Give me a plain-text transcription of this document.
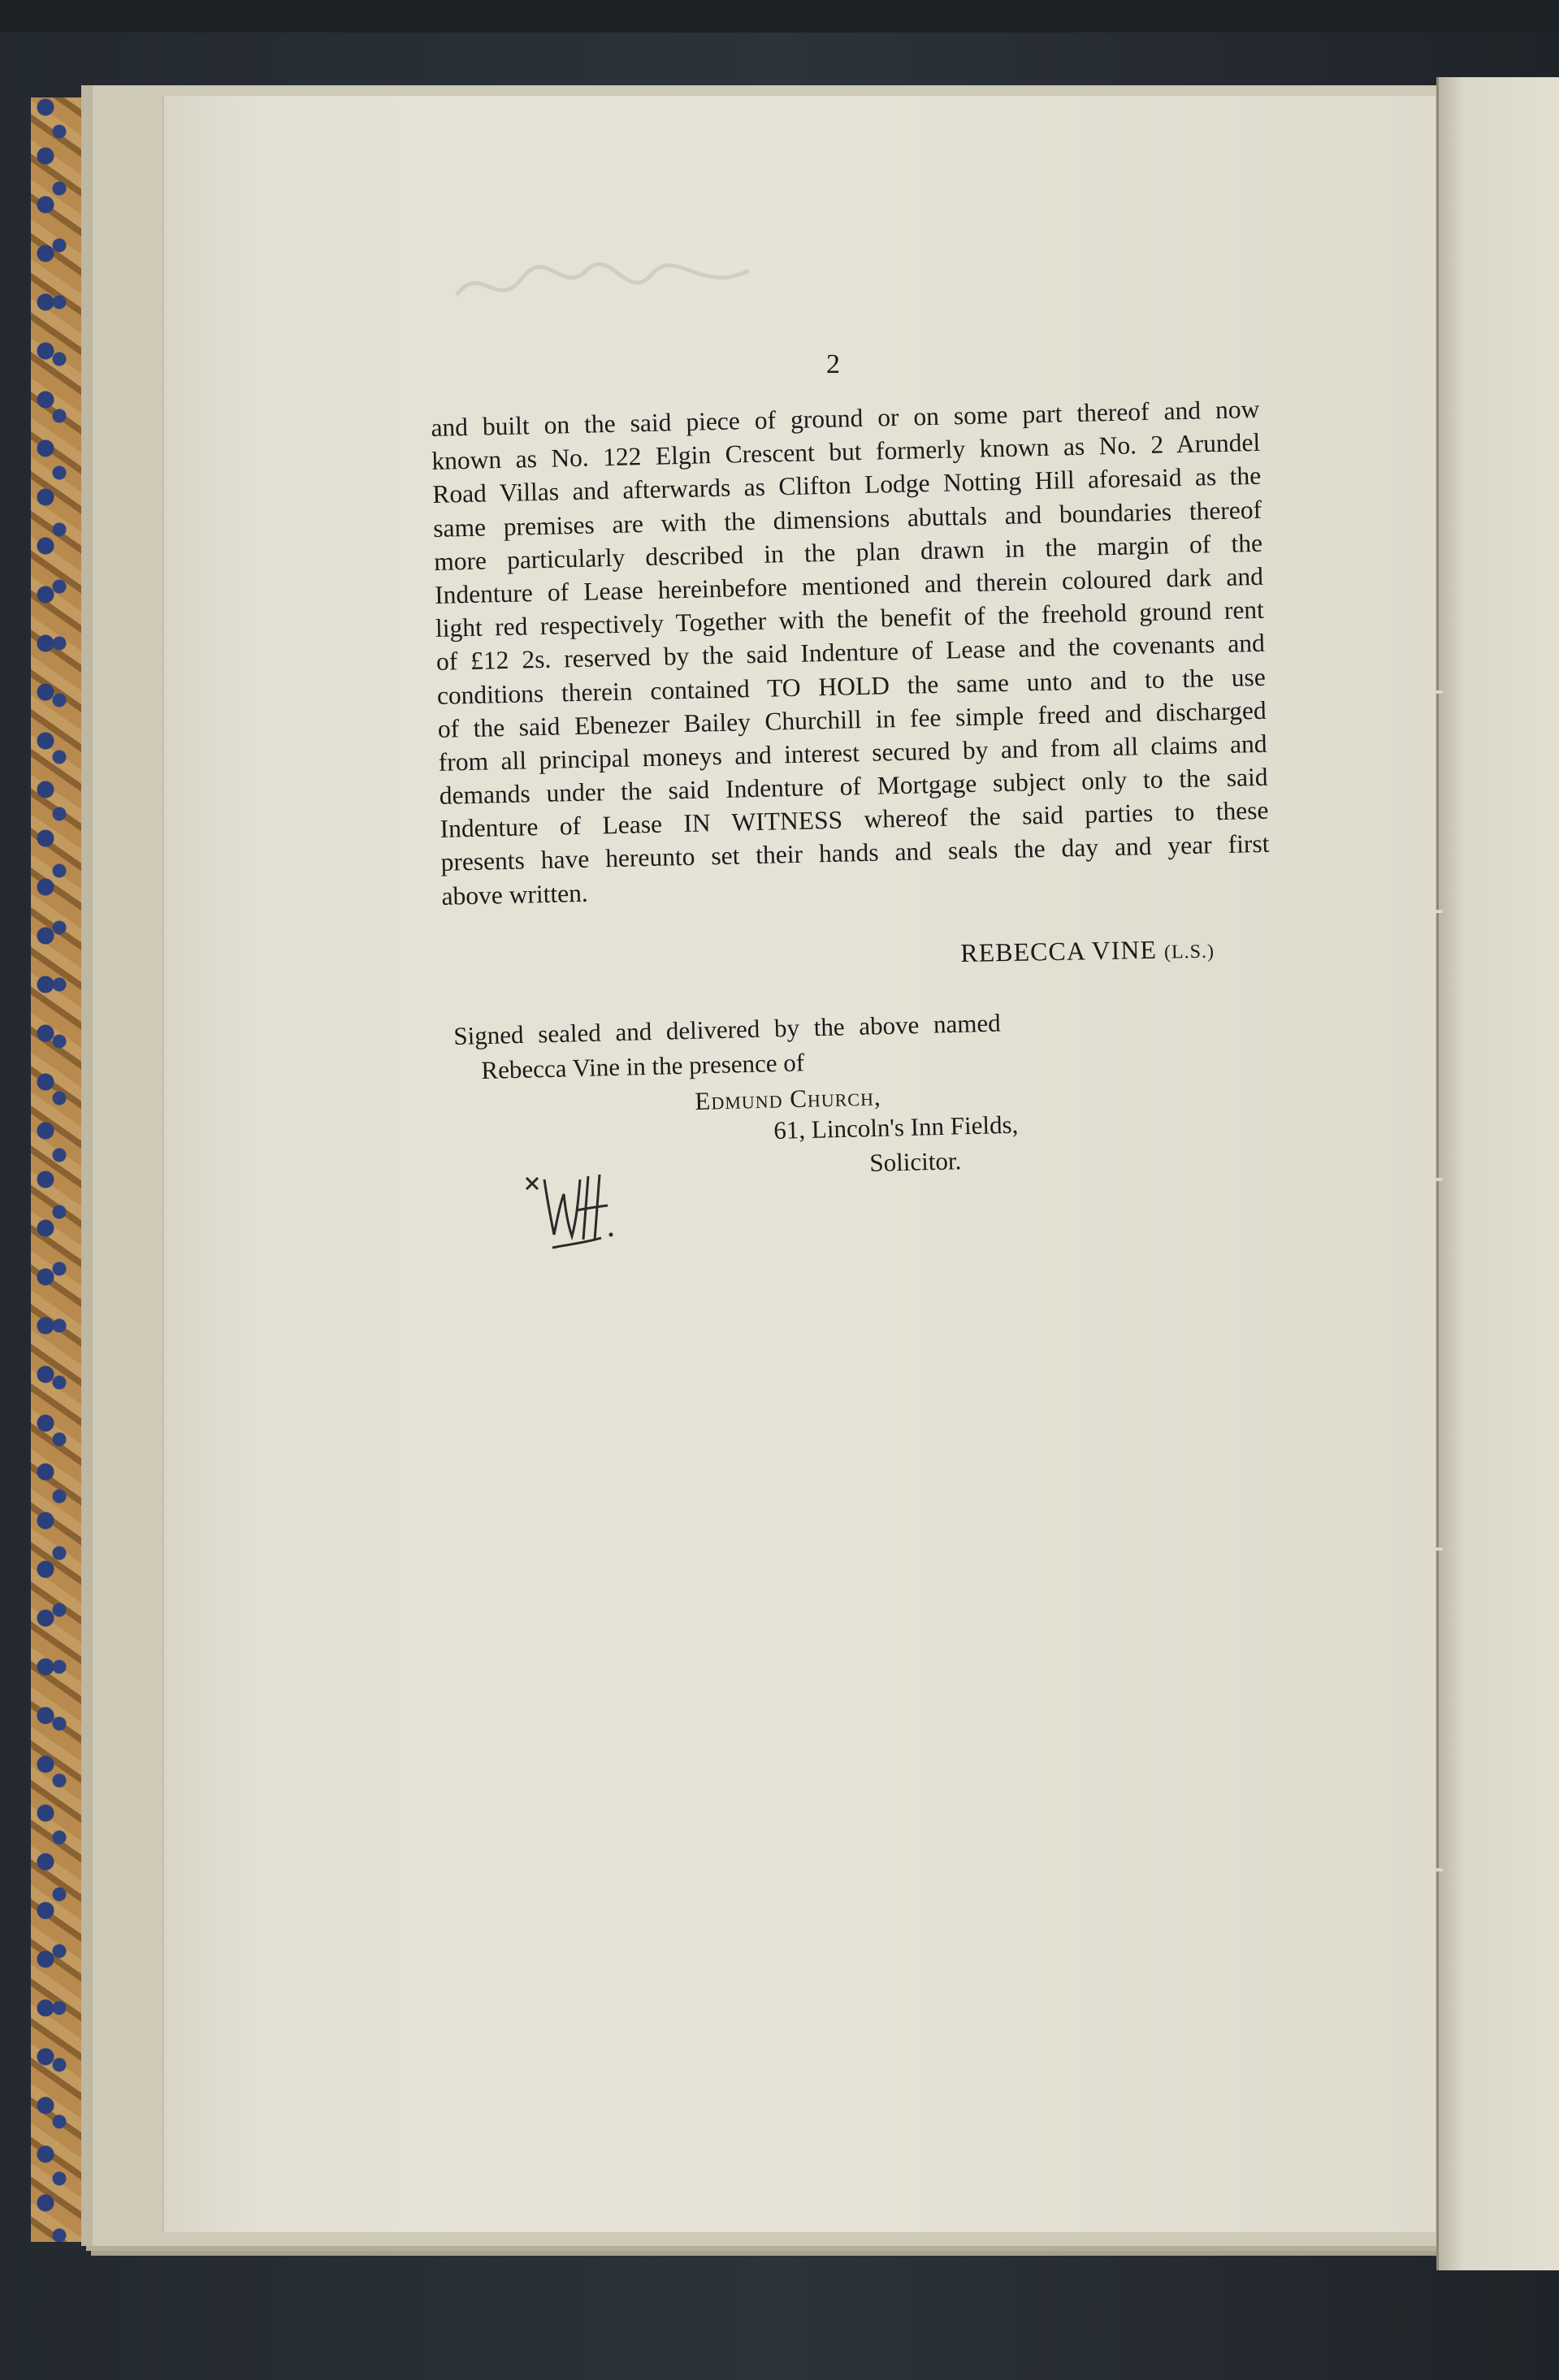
2
and built on the said piece of ground or on some part thereof and now
known as No. 122 Elgin Crescent but formerly known as No. 2 Arundel
Road Villas and afterwards as Clifton Lodge Notting Hill aforesaid as the
same premises are with the dimensions abuttals and boundaries thereof
more particularly described in the plan drawn in the margin of the
Indenture of Lease hereinbefore mentioned and therein coloured dark and
light red respectively Together with the benefit of the freehold ground rent
of £12 2s. reserved by the said Indenture of Lease and the covenants and
conditions therein contained TO HOLD the same unto and to the use
of the said Ebenezer Bailey Churchill in fee simple freed and discharged
from all principal moneys and interest secured by and from all claims and
demands under the said Indenture of Mortgage subject only to the said
Indenture of Lease IN WITNESS whereof the said parties to these
presents have hereunto set their hands and seals the day and year first
above written.
REBECCA VINE (L.S.)
Signed sealed and delivered by the above named
Rebecca Vine in the presence of
Edmund Church,
61, Lincoln's Inn Fields,
Solicitor.
